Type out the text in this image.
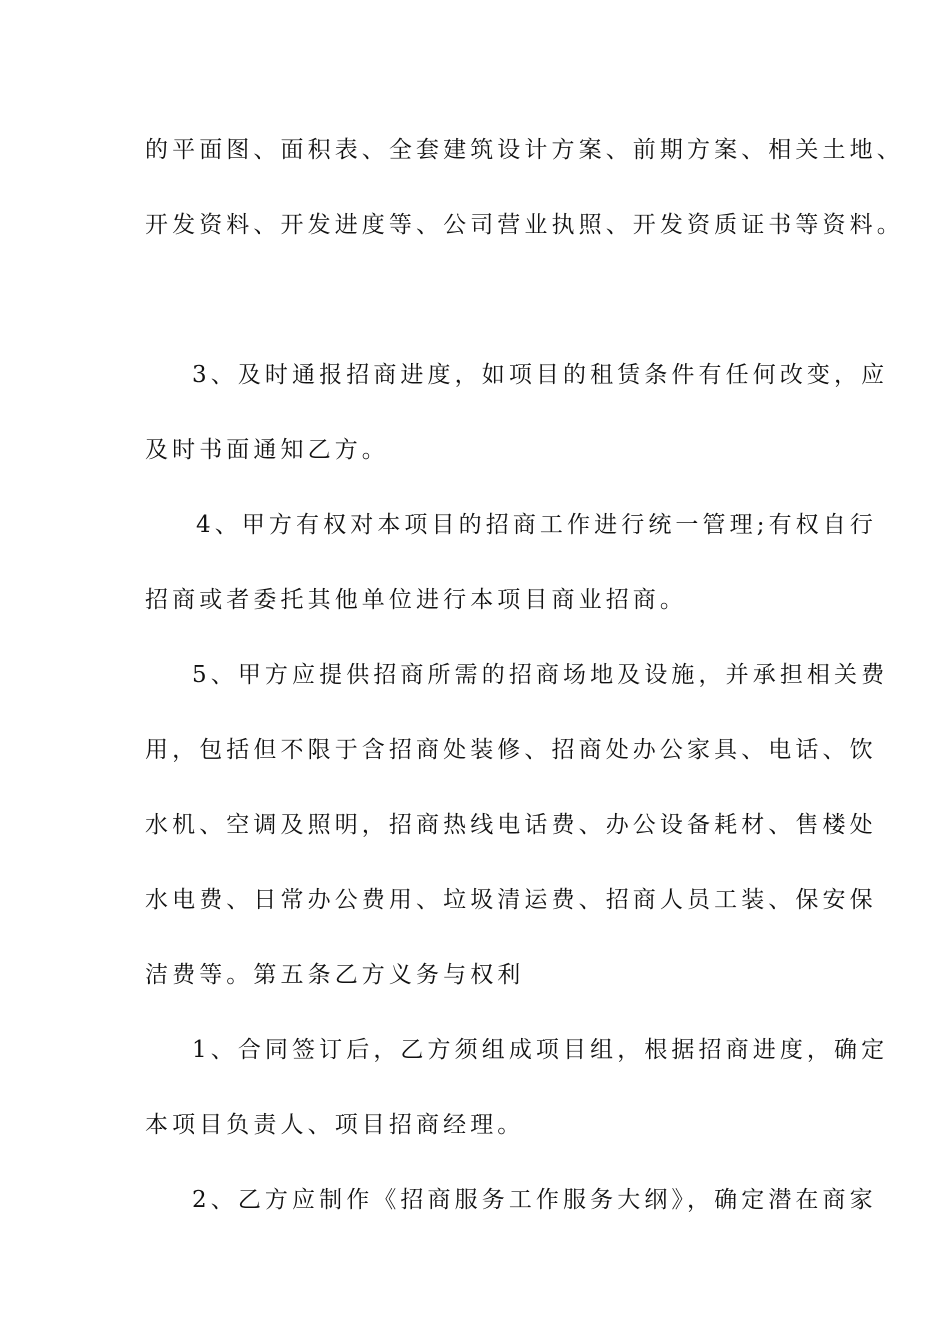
的平面图、面积表、全套建筑设计方案、前期方案、相关土地、
开发资料、开发进度等、公司营业执照、开发资质证书等资料。
3、及时通报招商进度，如项目的租赁条件有任何改变，应
及时书面通知乙方。
4、甲方有权对本项目的招商工作进行统一管理;有权自行
招商或者委托其他单位进行本项目商业招商。
5、甲方应提供招商所需的招商场地及设施，并承担相关费
用，包括但不限于含招商处装修、招商处办公家具、电话、饮
水机、空调及照明，招商热线电话费、办公设备耗材、售楼处
水电费、日常办公费用、垃圾清运费、招商人员工装、保安保
洁费等。第五条乙方义务与权利
1、合同签订后，乙方须组成项目组，根据招商进度，确定
本项目负责人、项目招商经理。
2、乙方应制作《招商服务工作服务大纲》，确定潜在商家
